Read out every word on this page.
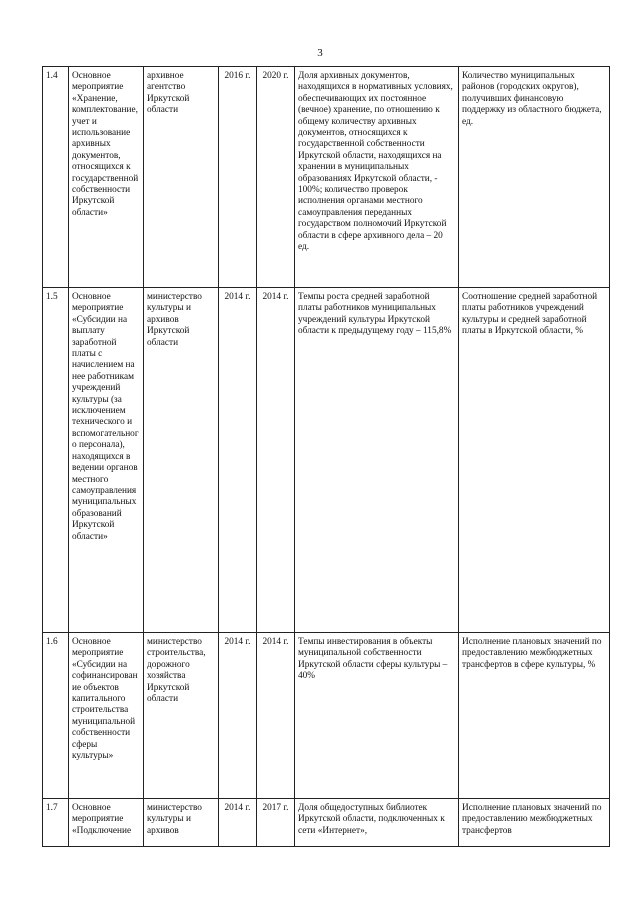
3
1.4	Основное мероприятие «Хранение, комплектование, учет и использование архивных документов, относящихся к государственной собственности Иркутской области»	архивное агентство Иркутской области	2016 г.	2020 г.	Доля архивных документов, находящихся в нормативных условиях, обеспечивающих их постоянное (вечное) хранение, по отношению к общему количеству архивных документов, относящихся к государственной собственности Иркутской области, находящихся на хранении в муниципальных образованиях Иркутской области, - 100%; количество проверок исполнения органами местного самоуправления переданных государством полномочий Иркутской области в сфере архивного дела – 20 ед.	Количество муниципальных районов (городских округов), получивших финансовую поддержку из областного бюджета, ед.
1.5	Основное мероприятие «Субсидии на выплату заработной платы с начислением на нее работникам учреждений культуры (за исключением технического и вспомогательного персонала), находящихся в ведении органов местного самоуправления муниципальных образований Иркутской области»	министерство культуры и архивов Иркутской области	2014 г.	2014 г.	Темпы роста средней заработной платы работников муниципальных учреждений культуры Иркутской области к предыдущему году – 115,8%	Соотношение средней заработной платы работников учреждений культуры и средней заработной платы в Иркутской области, %
1.6	Основное мероприятие «Субсидии на софинансирование объектов капитального строительства муниципальной собственности сферы культуры»	министерство строительства, дорожного хозяйства Иркутской области	2014 г.	2014 г.	Темпы инвестирования в объекты муниципальной собственности Иркутской области сферы культуры – 40%	Исполнение плановых значений по предоставлению межбюджетных трансфертов в сфере культуры, %
1.7	Основное мероприятие «Подключение	министерство культуры и архивов	2014 г.	2017 г.	Доля общедоступных библиотек Иркутской области, подключенных к сети «Интернет»,	Исполнение плановых значений по предоставлению межбюджетных трансфертов
